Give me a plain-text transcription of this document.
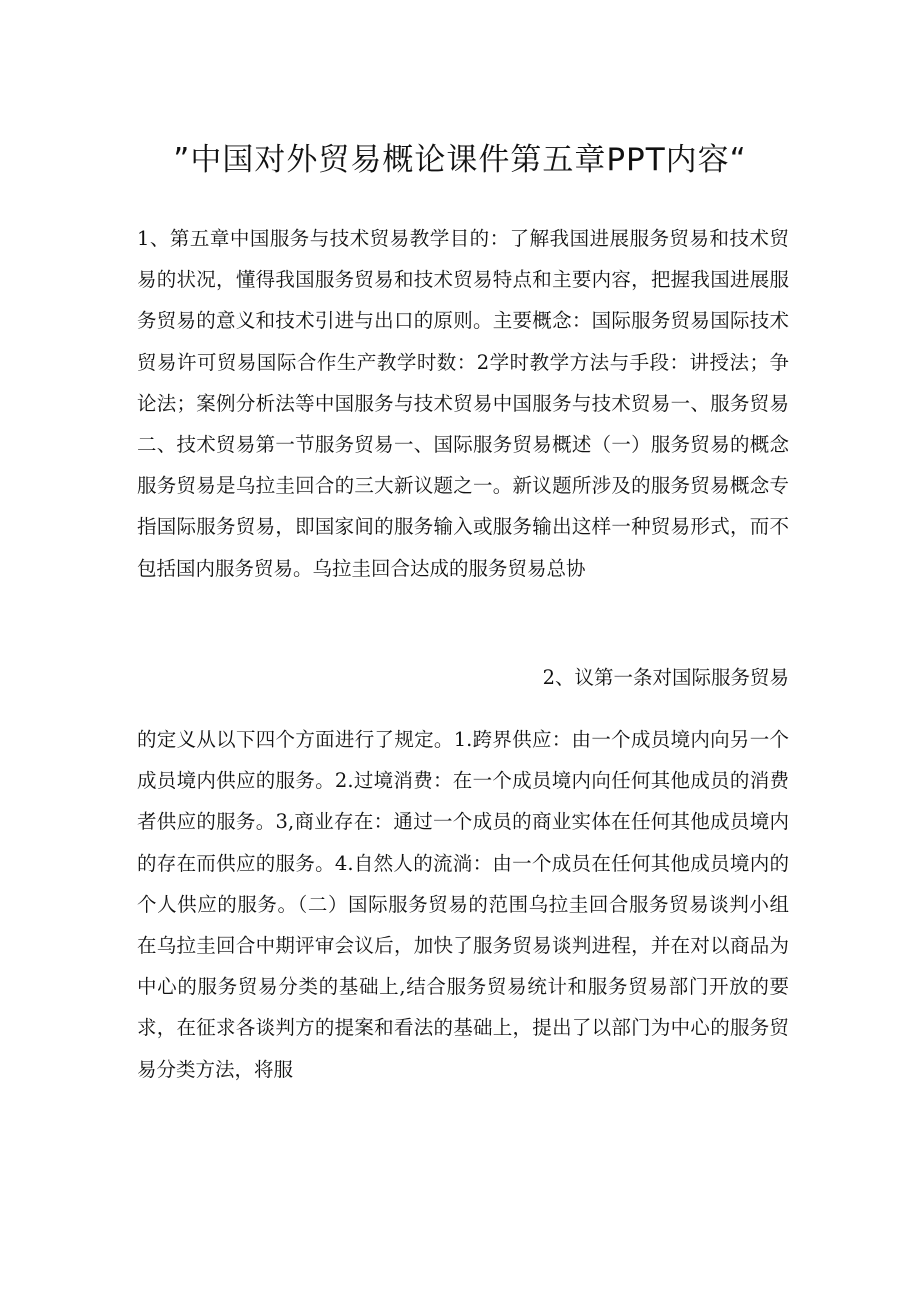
”中国对外贸易概论课件第五章PPT内容“

1、第五章中国服务与技术贸易教学目的：了解我国进展服务贸易和技术贸易的状况，懂得我国服务贸易和技术贸易特点和主要内容，把握我国进展服务贸易的意义和技术引进与出口的原则。主要概念：国际服务贸易国际技术贸易许可贸易国际合作生产教学时数：2学时教学方法与手段：讲授法；争论法；案例分析法等中国服务与技术贸易中国服务与技术贸易一、服务贸易二、技术贸易第一节服务贸易一、国际服务贸易概述（一）服务贸易的概念服务贸易是乌拉圭回合的三大新议题之一。新议题所涉及的服务贸易概念专指国际服务贸易，即国家间的服务输入或服务输出这样一种贸易形式，而不包括国内服务贸易。乌拉圭回合达成的服务贸易总协

2、议第一条对国际服务贸易

的定义从以下四个方面进行了规定。1.跨界供应：由一个成员境内向另一个成员境内供应的服务。2.过境消费：在一个成员境内向任何其他成员的消费者供应的服务。3,商业存在：通过一个成员的商业实体在任何其他成员境内的存在而供应的服务。4.自然人的流淌：由一个成员在任何其他成员境内的个人供应的服务。（二）国际服务贸易的范围乌拉圭回合服务贸易谈判小组在乌拉圭回合中期评审会议后，加快了服务贸易谈判进程，并在对以商品为中心的服务贸易分类的基础上,结合服务贸易统计和服务贸易部门开放的要求，在征求各谈判方的提案和看法的基础上，提出了以部门为中心的服务贸易分类方法，将服
